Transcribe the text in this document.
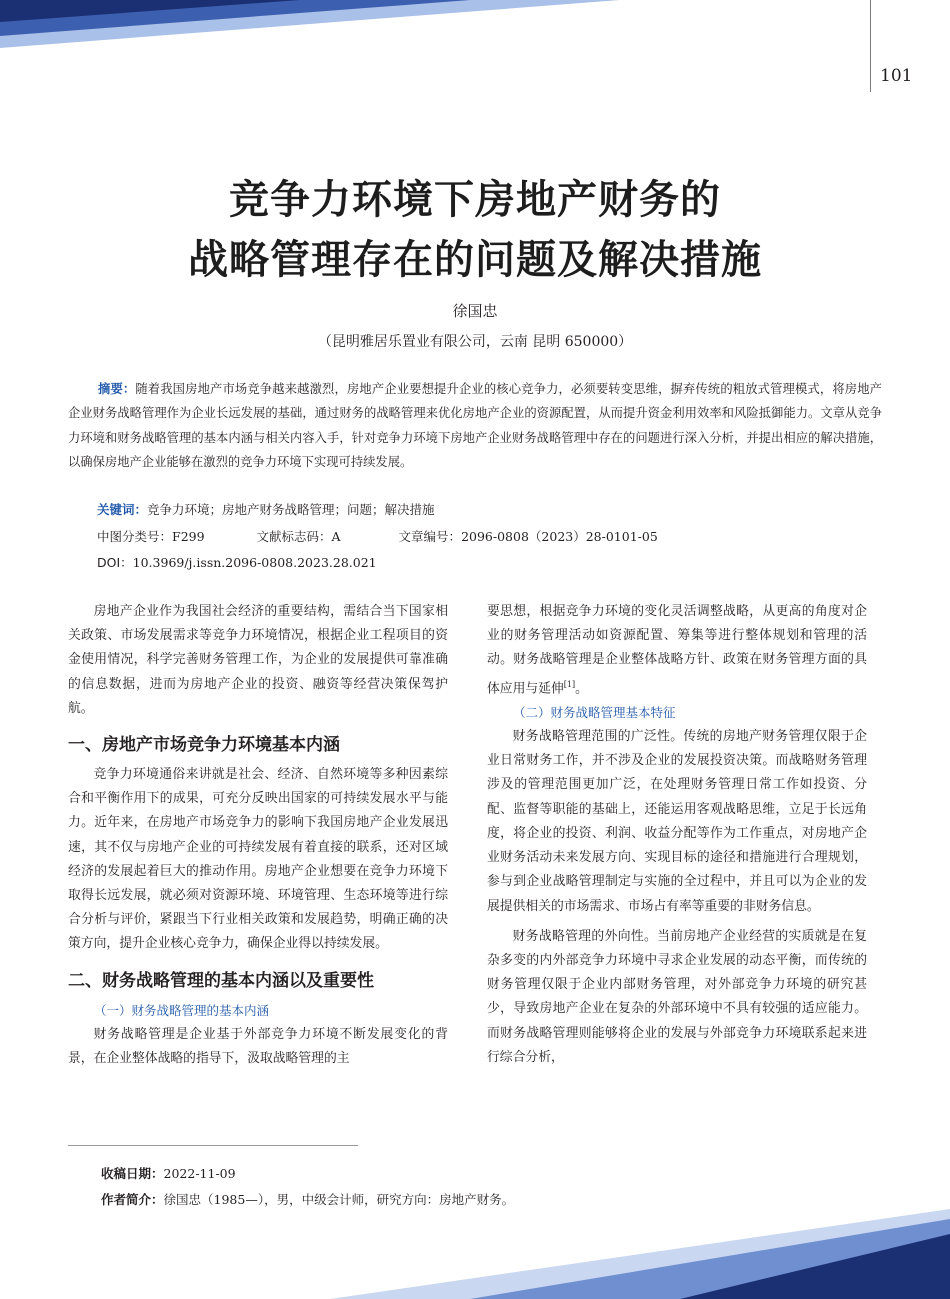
101
竞争力环境下房地产财务的
战略管理存在的问题及解决措施
徐国忠
（昆明雅居乐置业有限公司，云南 昆明 650000）
摘要：随着我国房地产市场竞争越来越激烈，房地产企业要想提升企业的核心竞争力，必须要转变思维，摒弃传统的粗放式管理模式，将房地产企业财务战略管理作为企业长远发展的基础，通过财务的战略管理来优化房地产企业的资源配置，从而提升资金利用效率和风险抵御能力。文章从竞争力环境和财务战略管理的基本内涵与相关内容入手，针对竞争力环境下房地产企业财务战略管理中存在的问题进行深入分析，并提出相应的解决措施，以确保房地产企业能够在激烈的竞争力环境下实现可持续发展。
关键词：竞争力环境；房地产财务战略管理；问题；解决措施
中图分类号：F299	文献标志码：A	文章编号：2096-0808（2023）28-0101-05
DOI：10.3969/j.issn.2096-0808.2023.28.021

房地产企业作为我国社会经济的重要结构，需结合当下国家相关政策、市场发展需求等竞争力环境情况，根据企业工程项目的资金使用情况，科学完善财务管理工作，为企业的发展提供可靠准确的信息数据，进而为房地产企业的投资、融资等经营决策保驾护航。

一、房地产市场竞争力环境基本内涵

竞争力环境通俗来讲就是社会、经济、自然环境等多种因素综合和平衡作用下的成果，可充分反映出国家的可持续发展水平与能力。近年来，在房地产市场竞争力的影响下我国房地产企业发展迅速，其不仅与房地产企业的可持续发展有着直接的联系，还对区域经济的发展起着巨大的推动作用。房地产企业想要在竞争力环境下取得长远发展，就必须对资源环境、环境管理、生态环境等进行综合分析与评价，紧跟当下行业相关政策和发展趋势，明确正确的决策方向，提升企业核心竞争力，确保企业得以持续发展。

二、财务战略管理的基本内涵以及重要性
（一）财务战略管理的基本内涵

财务战略管理是企业基于外部竞争力环境不断发展变化的背景，在企业整体战略的指导下，汲取战略管理的主

要思想，根据竞争力环境的变化灵活调整战略，从更高的角度对企业的财务管理活动如资源配置、筹集等进行整体规划和管理的活动。财务战略管理是企业整体战略方针、政策在财务管理方面的具体应用与延伸[1]。

（二）财务战略管理基本特征

财务战略管理范围的广泛性。传统的房地产财务管理仅限于企业日常财务工作，并不涉及企业的发展投资决策。而战略财务管理涉及的管理范围更加广泛，在处理财务管理日常工作如投资、分配、监督等职能的基础上，还能运用客观战略思维，立足于长远角度，将企业的投资、利润、收益分配等作为工作重点，对房地产企业财务活动未来发展方向、实现目标的途径和措施进行合理规划，参与到企业战略管理制定与实施的全过程中，并且可以为企业的发展提供相关的市场需求、市场占有率等重要的非财务信息。

财务战略管理的外向性。当前房地产企业经营的实质就是在复杂多变的内外部竞争力环境中寻求企业发展的动态平衡，而传统的财务管理仅限于企业内部财务管理，对外部竞争力环境的研究甚少，导致房地产企业在复杂的外部环境中不具有较强的适应能力。而财务战略管理则能够将企业的发展与外部竞争力环境联系起来进行综合分析，

收稿日期：2022-11-09
作者简介：徐国忠（1985—），男，中级会计师，研究方向：房地产财务。
